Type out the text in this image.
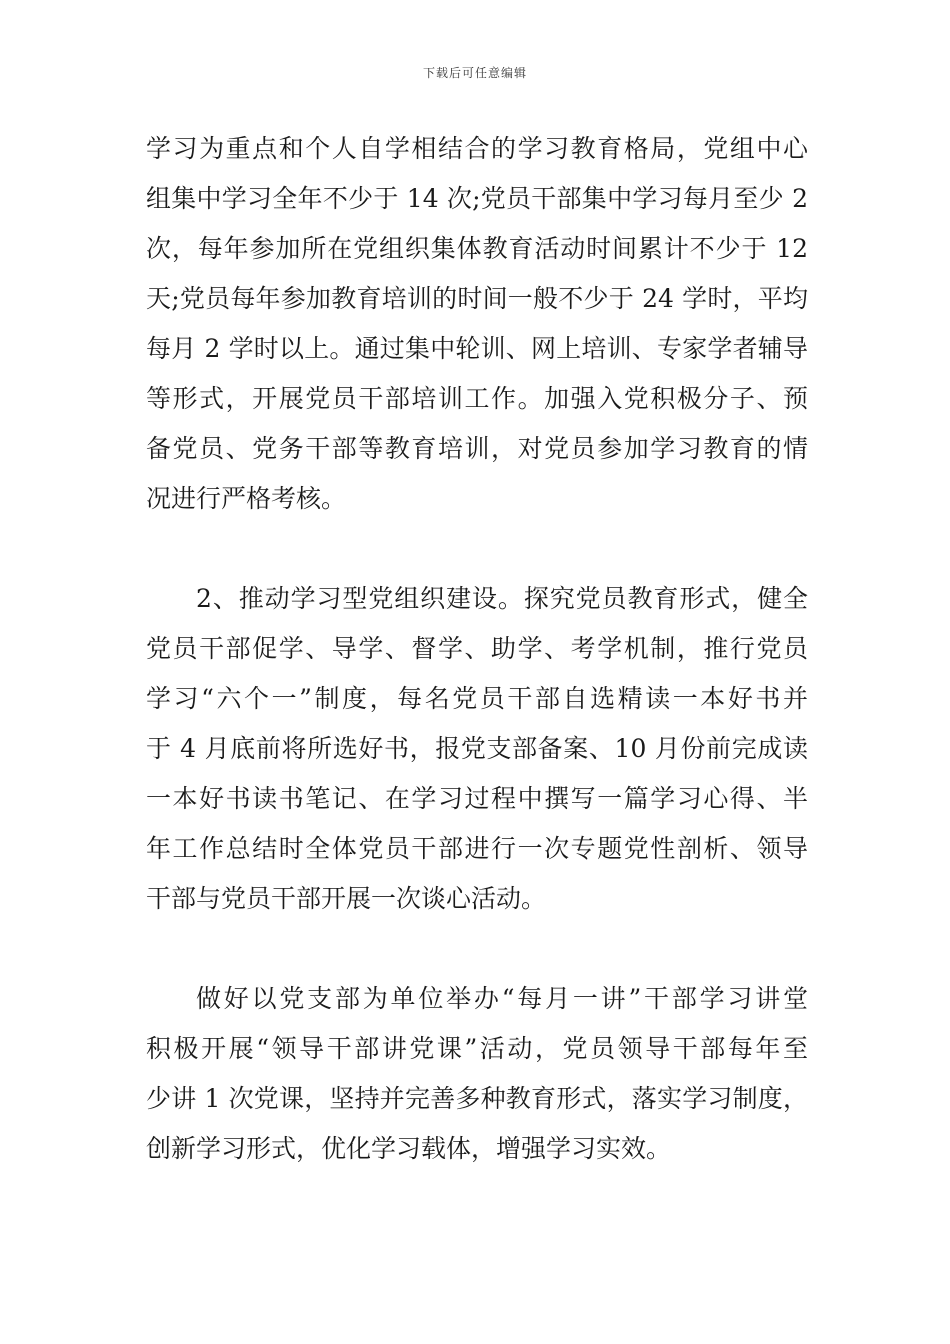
下载后可任意编辑

学习为重点和个人自学相结合的学习教育格局，党组中心
组集中学习全年不少于 14 次;党员干部集中学习每月至少 2
次，每年参加所在党组织集体教育活动时间累计不少于 12
天;党员每年参加教育培训的时间一般不少于 24 学时，平均
每月 2 学时以上。通过集中轮训、网上培训、专家学者辅导
等形式，开展党员干部培训工作。加强入党积极分子、预
备党员、党务干部等教育培训，对党员参加学习教育的情
况进行严格考核。

2、推动学习型党组织建设。探究党员教育形式，健全
党员干部促学、导学、督学、助学、考学机制，推行党员
学习“六个一”制度，每名党员干部自选精读一本好书并
于 4 月底前将所选好书，报党支部备案、10 月份前完成读
一本好书读书笔记、在学习过程中撰写一篇学习心得、半
年工作总结时全体党员干部进行一次专题党性剖析、领导
干部与党员干部开展一次谈心活动。

做好以党支部为单位举办“每月一讲”干部学习讲堂
积极开展“领导干部讲党课”活动，党员领导干部每年至
少讲 1 次党课，坚持并完善多种教育形式，落实学习制度，
创新学习形式，优化学习载体，增强学习实效。
